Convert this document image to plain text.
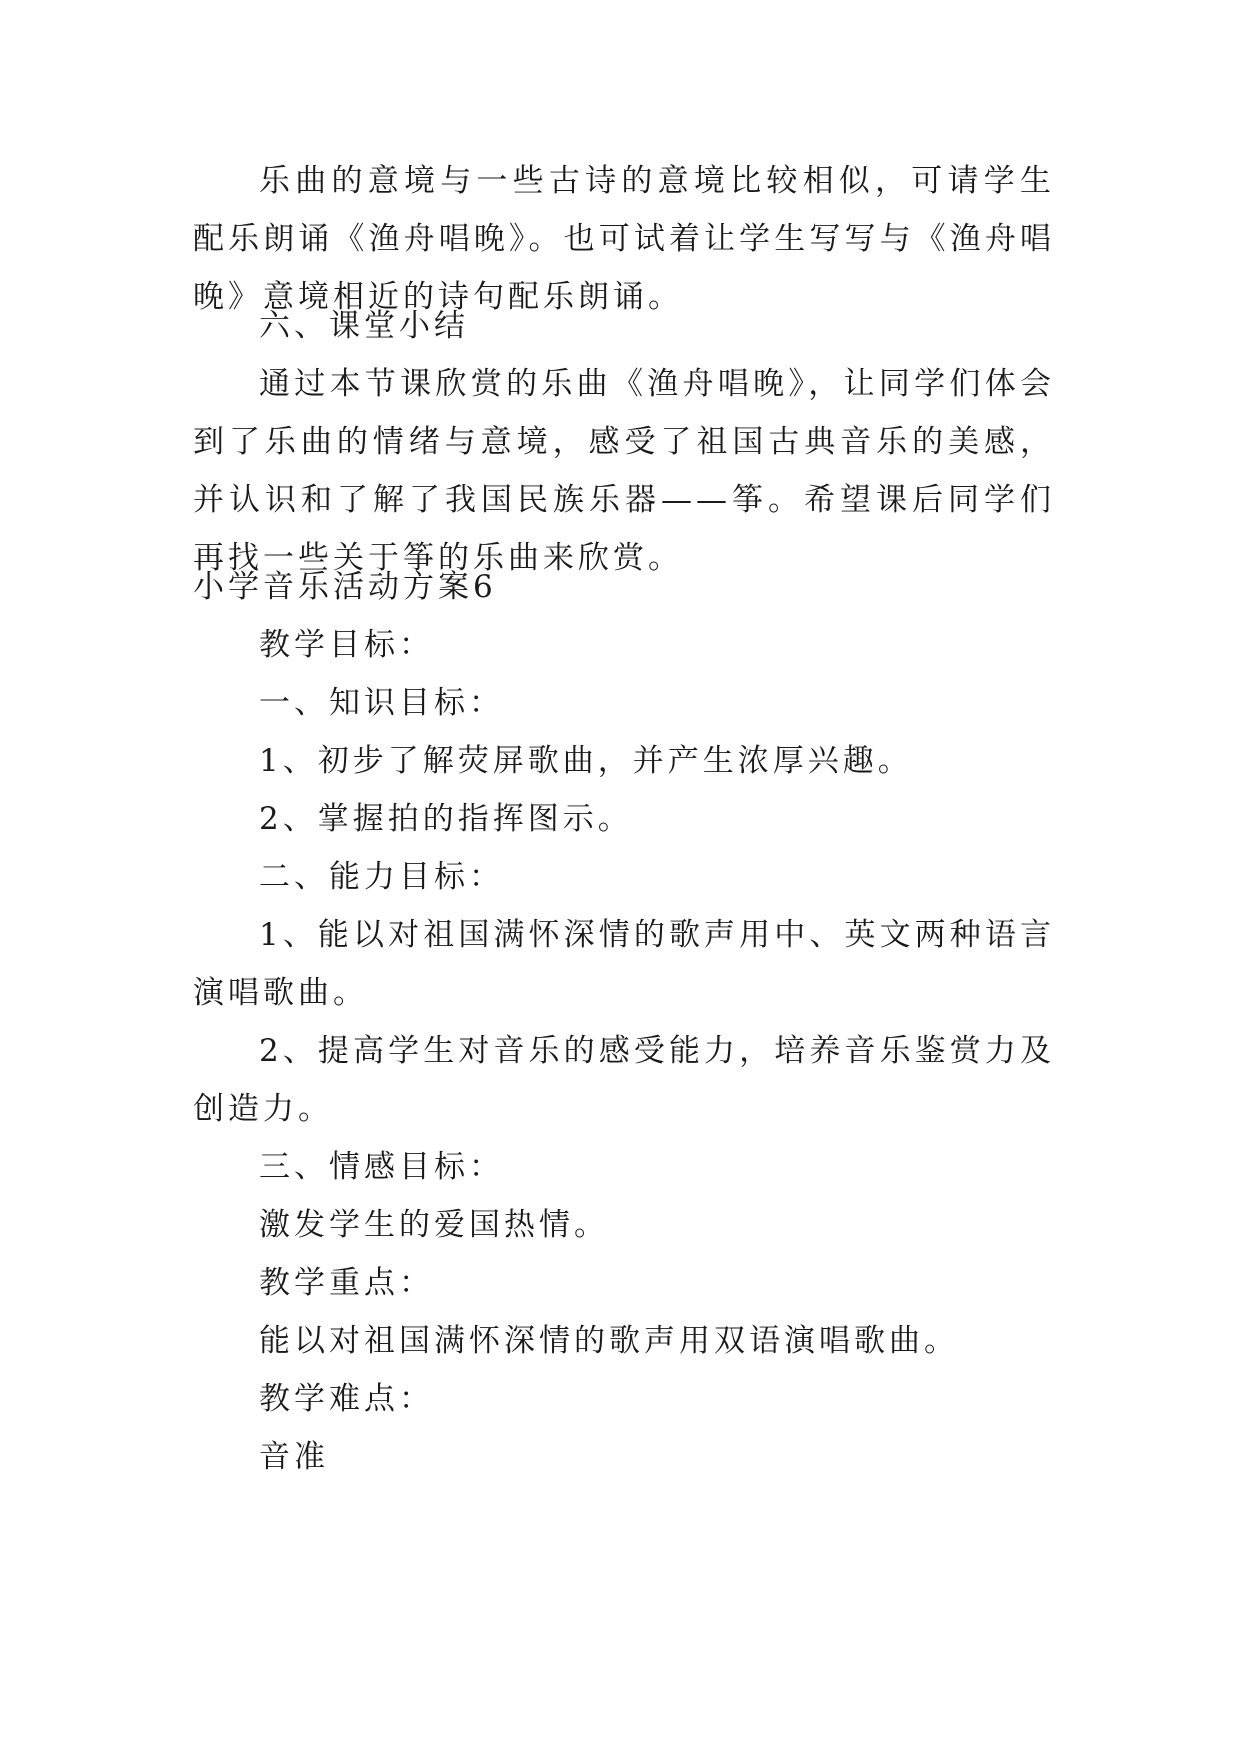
乐曲的意境与一些古诗的意境比较相似，可请学生配乐朗诵《渔舟唱晚》。也可试着让学生写写与《渔舟唱晚》意境相近的诗句配乐朗诵。

六、课堂小结

通过本节课欣赏的乐曲《渔舟唱晚》，让同学们体会到了乐曲的情绪与意境，感受了祖国古典音乐的美感，并认识和了解了我国民族乐器——筝。希望课后同学们再找一些关于筝的乐曲来欣赏。

小学音乐活动方案6

教学目标：

一、知识目标：

1、初步了解荧屏歌曲，并产生浓厚兴趣。

2、掌握拍的指挥图示。

二、能力目标：

1、能以对祖国满怀深情的歌声用中、英文两种语言演唱歌曲。

2、提高学生对音乐的感受能力，培养音乐鉴赏力及创造力。

三、情感目标：

激发学生的爱国热情。

教学重点：

能以对祖国满怀深情的歌声用双语演唱歌曲。

教学难点：

音准
